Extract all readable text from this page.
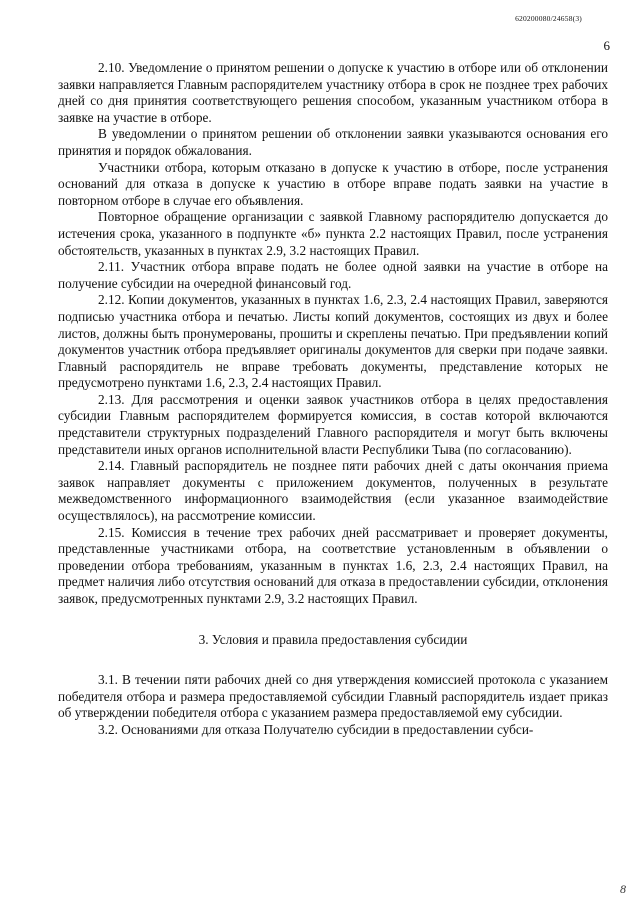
620200080/24658(3)
6

2.10. Уведомление о принятом решении о допуске к участию в отборе или об отклонении заявки направляется Главным распорядителем участнику отбора в срок не позднее трех рабочих дней со дня принятия соответствующего решения способом, указанным участником отбора в заявке на участие в отборе.

В уведомлении о принятом решении об отклонении заявки указываются основания его принятия и порядок обжалования.

Участники отбора, которым отказано в допуске к участию в отборе, после устранения оснований для отказа в допуске к участию в отборе вправе подать заявки на участие в повторном отборе в случае его объявления.

Повторное обращение организации с заявкой Главному распорядителю допускается до истечения срока, указанного в подпункте «б» пункта 2.2 настоящих Правил, после устранения обстоятельств, указанных в пунктах 2.9, 3.2 настоящих Правил.

2.11. Участник отбора вправе подать не более одной заявки на участие в отборе на получение субсидии на очередной финансовый год.

2.12. Копии документов, указанных в пунктах 1.6, 2.3, 2.4 настоящих Правил, заверяются подписью участника отбора и печатью. Листы копий документов, состоящих из двух и более листов, должны быть пронумерованы, прошиты и скреплены печатью. При предъявлении копий документов участник отбора предъявляет оригиналы документов для сверки при подаче заявки. Главный распорядитель не вправе требовать документы, представление которых не предусмотрено пунктами 1.6, 2.3, 2.4 настоящих Правил.

2.13. Для рассмотрения и оценки заявок участников отбора в целях предоставления субсидии Главным распорядителем формируется комиссия, в состав которой включаются представители структурных подразделений Главного распорядителя и могут быть включены представители иных органов исполнительной власти Республики Тыва (по согласованию).

2.14. Главный распорядитель не позднее пяти рабочих дней с даты окончания приема заявок направляет документы с приложением документов, полученных в результате межведомственного информационного взаимодействия (если указанное взаимодействие осуществлялось), на рассмотрение комиссии.

2.15. Комиссия в течение трех рабочих дней рассматривает и проверяет документы, представленные участниками отбора, на соответствие установленным в объявлении о проведении отбора требованиям, указанным в пунктах 1.6, 2.3, 2.4 настоящих Правил, на предмет наличия либо отсутствия оснований для отказа в предоставлении субсидии, отклонения заявок, предусмотренных пунктами 2.9, 3.2 настоящих Правил.

3. Условия и правила предоставления субсидии

3.1. В течении пяти рабочих дней со дня утверждения комиссией протокола с указанием победителя отбора и размера предоставляемой субсидии Главный распорядитель издает приказ об утверждении победителя отбора с указанием размера предоставляемой ему субсидии.

3.2. Основаниями для отказа Получателю субсидии в предоставлении субси-

8
